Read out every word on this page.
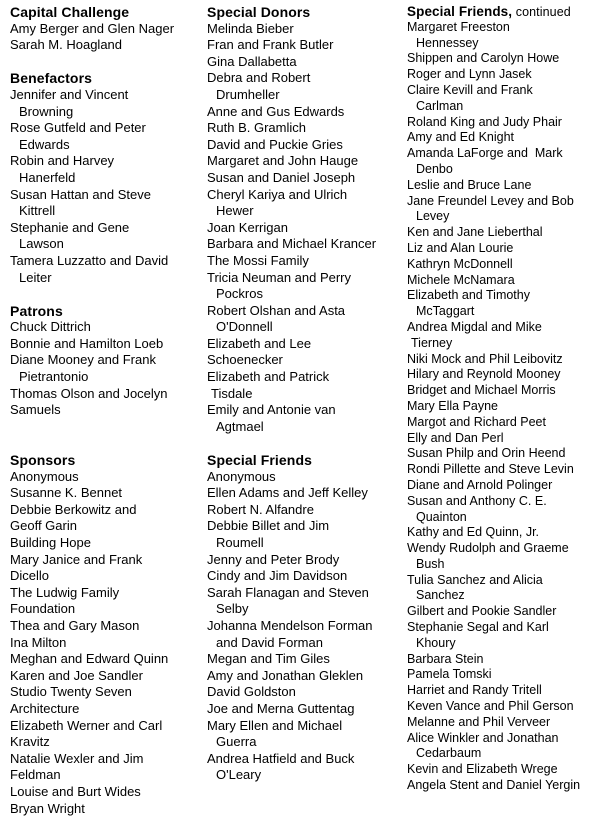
Capital Challenge
Amy Berger and Glen Nager
Sarah M. Hoagland
Benefactors
Jennifer and Vincent
Browning
Rose Gutfeld and Peter
Edwards
Robin and Harvey
Hanerfeld
Susan Hattan and Steve
Kittrell
Stephanie and Gene
Lawson
Tamera Luzzatto and David
Leiter
Patrons
Chuck Dittrich
Bonnie and Hamilton Loeb
Diane Mooney and Frank
Pietrantonio
Thomas Olson and Jocelyn
Samuels
Sponsors
Anonymous
Susanne K. Bennet
Debbie Berkowitz and
Geoff Garin
Building Hope
Mary Janice and Frank
Dicello
The Ludwig Family
Foundation
Thea and Gary Mason
Ina Milton
Meghan and Edward Quinn
Karen and Joe Sandler
Studio Twenty Seven
Architecture
Elizabeth Werner and Carl
Kravitz
Natalie Wexler and Jim
Feldman
Louise and Burt Wides
Bryan Wright
Special Donors
Melinda Bieber
Fran and Frank Butler
Gina Dallabetta
Debra and Robert
Drumheller
Anne and Gus Edwards
Ruth B. Gramlich
David and Puckie Gries
Margaret and John Hauge
Susan and Daniel Joseph
Cheryl Kariya and Ulrich
Hewer
Joan Kerrigan
Barbara and Michael Krancer
The Mossi Family
Tricia Neuman and Perry
Pockros
Robert Olshan and Asta
O'Donnell
Elizabeth and Lee
Schoenecker
Elizabeth and Patrick
Tisdale
Emily and Antonie van
Agtmael
Special Friends
Anonymous
Ellen Adams and Jeff Kelley
Robert N. Alfandre
Debbie Billet and Jim
Roumell
Jenny and Peter Brody
Cindy and Jim Davidson
Sarah Flanagan and Steven
Selby
Johanna Mendelson Forman
and David Forman
Megan and Tim Giles
Amy and Jonathan Gleklen
David Goldston
Joe and Merna Guttentag
Mary Ellen and Michael
Guerra
Andrea Hatfield and Buck
O'Leary
Special Friends, continued
Margaret Freeston
Hennessey
Shippen and Carolyn Howe
Roger and Lynn Jasek
Claire Kevill and Frank
Carlman
Roland King and Judy Phair
Amy and Ed Knight
Amanda LaForge and  Mark
Denbo
Leslie and Bruce Lane
Jane Freundel Levey and Bob
Levey
Ken and Jane Lieberthal
Liz and Alan Lourie
Kathryn McDonnell
Michele McNamara
Elizabeth and Timothy
McTaggart
Andrea Migdal and Mike
Tierney
Niki Mock and Phil Leibovitz
Hilary and Reynold Mooney
Bridget and Michael Morris
Mary Ella Payne
Margot and Richard Peet
Elly and Dan Perl
Susan Philp and Orin Heend
Rondi Pillette and Steve Levin
Diane and Arnold Polinger
Susan and Anthony C. E.
Quainton
Kathy and Ed Quinn, Jr.
Wendy Rudolph and Graeme
Bush
Tulia Sanchez and Alicia
Sanchez
Gilbert and Pookie Sandler
Stephanie Segal and Karl
Khoury
Barbara Stein
Pamela Tomski
Harriet and Randy Tritell
Keven Vance and Phil Gerson
Melanne and Phil Verveer
Alice Winkler and Jonathan
Cedarbaum
Kevin and Elizabeth Wrege
Angela Stent and Daniel Yergin
